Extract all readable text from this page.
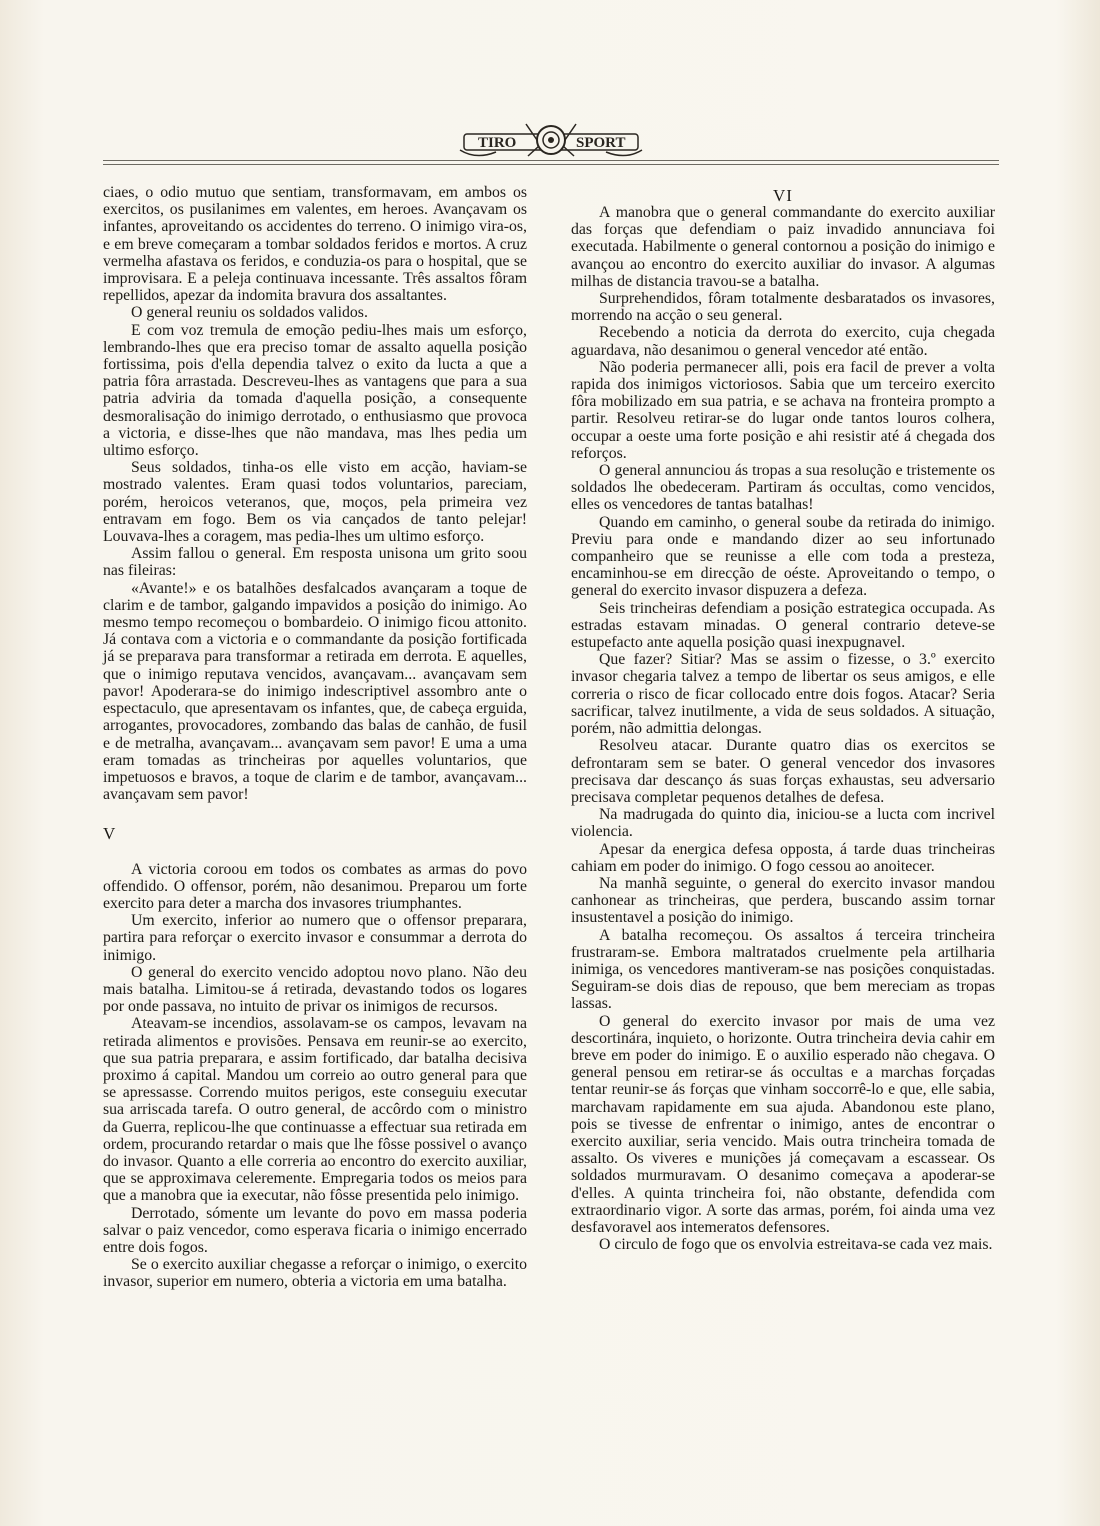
TIRO	SPORT

ciaes, o odio mutuo que sentiam, transformavam, em ambos os exercitos, os pusilanimes em valentes, em heroes. Avançavam os infantes, aproveitando os accidentes do terreno. O inimigo vira-os, e em breve começaram a tombar soldados feridos e mortos. A cruz vermelha afastava os feridos, e conduzia-os para o hospital, que se improvisara. E a peleja continuava incessante. Três assaltos fôram repellidos, apezar da indomita bravura dos assaltantes.

O general reuniu os soldados validos.

E com voz tremula de emoção pediu-lhes mais um esforço, lembrando-lhes que era preciso tomar de assalto aquella posição fortissima, pois d'ella dependia talvez o exito da lucta a que a patria fôra arrastada. Descreveu-lhes as vantagens que para a sua patria adviria da tomada d'aquella posição, a consequente desmoralisação do inimigo derrotado, o enthusiasmo que provoca a victoria, e disse-lhes que não mandava, mas lhes pedia um ultimo esforço.

Seus soldados, tinha-os elle visto em acção, haviam-se mostrado valentes. Eram quasi todos voluntarios, pareciam, porém, heroicos veteranos, que, moços, pela primeira vez entravam em fogo. Bem os via cançados de tanto pelejar! Louvava-lhes a coragem, mas pedia-lhes um ultimo esforço.

Assim fallou o general. Em resposta unisona um grito soou nas fileiras:

«Avante!» e os batalhões desfalcados avançaram a toque de clarim e de tambor, galgando impavidos a posição do inimigo. Ao mesmo tempo recomeçou o bombardeio. O inimigo ficou attonito. Já contava com a victoria e o commandante da posição fortificada já se preparava para transformar a retirada em derrota. E aquelles, que o inimigo reputava vencidos, avançavam... avançavam sem pavor! Apoderara-se do inimigo indescriptivel assombro ante o espectaculo, que apresentavam os infantes, que, de cabeça erguida, arrogantes, provocadores, zombando das balas de canhão, de fusil e de metralha, avançavam... avançavam sem pavor! E uma a uma eram tomadas as trincheiras por aquelles voluntarios, que impetuosos e bravos, a toque de clarim e de tambor, avançavam... avançavam sem pavor!

V

A victoria coroou em todos os combates as armas do povo offendido. O offensor, porém, não desanimou. Preparou um forte exercito para deter a marcha dos invasores triumphantes.

Um exercito, inferior ao numero que o offensor preparara, partira para reforçar o exercito invasor e consummar a derrota do inimigo.

O general do exercito vencido adoptou novo plano. Não deu mais batalha. Limitou-se á retirada, devastando todos os logares por onde passava, no intuito de privar os inimigos de recursos.

Ateavam-se incendios, assolavam-se os campos, levavam na retirada alimentos e provisões. Pensava em reunir-se ao exercito, que sua patria preparara, e assim fortificado, dar batalha decisiva proximo á capital. Mandou um correio ao outro general para que se apressasse. Correndo muitos perigos, este conseguiu executar sua arriscada tarefa. O outro general, de accôrdo com o ministro da Guerra, replicou-lhe que continuasse a effectuar sua retirada em ordem, procurando retardar o mais que lhe fôsse possivel o avanço do invasor. Quanto a elle correria ao encontro do exercito auxiliar, que se approximava celeremente. Empregaria todos os meios para que a manobra que ia executar, não fôsse presentida pelo inimigo.

Derrotado, sómente um levante do povo em massa poderia salvar o paiz vencedor, como esperava ficaria o inimigo encerrado entre dois fogos.

Se o exercito auxiliar chegasse a reforçar o inimigo, o exercito invasor, superior em numero, obteria a victoria em uma batalha.

VI

A manobra que o general commandante do exercito auxiliar das forças que defendiam o paiz invadido annunciava foi executada. Habilmente o general contornou a posição do inimigo e avançou ao encontro do exercito auxiliar do invasor. A algumas milhas de distancia travou-se a batalha.

Surprehendidos, fôram totalmente desbaratados os invasores, morrendo na acção o seu general.

Recebendo a noticia da derrota do exercito, cuja chegada aguardava, não desanimou o general vencedor até então.

Não poderia permanecer alli, pois era facil de prever a volta rapida dos inimigos victoriosos. Sabia que um terceiro exercito fôra mobilizado em sua patria, e se achava na fronteira prompto a partir. Resolveu retirar-se do lugar onde tantos louros colhera, occupar a oeste uma forte posição e ahi resistir até á chegada dos reforços.

O general annunciou ás tropas a sua resolução e tristemente os soldados lhe obedeceram. Partiram ás occultas, como vencidos, elles os vencedores de tantas batalhas!

Quando em caminho, o general soube da retirada do inimigo. Previu para onde e mandando dizer ao seu infortunado companheiro que se reunisse a elle com toda a presteza, encaminhou-se em direcção de oéste. Aproveitando o tempo, o general do exercito invasor dispuzera a defeza.

Seis trincheiras defendiam a posição estrategica occupada. As estradas estavam minadas. O general contrario deteve-se estupefacto ante aquella posição quasi inexpugnavel.

Que fazer? Sitiar? Mas se assim o fizesse, o 3.º exercito invasor chegaria talvez a tempo de libertar os seus amigos, e elle correria o risco de ficar collocado entre dois fogos. Atacar? Seria sacrificar, talvez inutilmente, a vida de seus soldados. A situação, porém, não admittia delongas.

Resolveu atacar. Durante quatro dias os exercitos se defrontaram sem se bater. O general vencedor dos invasores precisava dar descanço ás suas forças exhaustas, seu adversario precisava completar pequenos detalhes de defesa.

Na madrugada do quinto dia, iniciou-se a lucta com incrivel violencia.

Apesar da energica defesa opposta, á tarde duas trincheiras cahiam em poder do inimigo. O fogo cessou ao anoitecer.

Na manhã seguinte, o general do exercito invasor mandou canhonear as trincheiras, que perdera, buscando assim tornar insustentavel a posição do inimigo.

A batalha recomeçou. Os assaltos á terceira trincheira frustraram-se. Embora maltratados cruelmente pela artilharia inimiga, os vencedores mantiveram-se nas posições conquistadas. Seguiram-se dois dias de repouso, que bem mereciam as tropas lassas.

O general do exercito invasor por mais de uma vez descortinára, inquieto, o horizonte. Outra trincheira devia cahir em breve em poder do inimigo. E o auxilio esperado não chegava. O general pensou em retirar-se ás occultas e a marchas forçadas tentar reunir-se ás forças que vinham soccorrê-lo e que, elle sabia, marchavam rapidamente em sua ajuda. Abandonou este plano, pois se tivesse de enfrentar o inimigo, antes de encontrar o exercito auxiliar, seria vencido. Mais outra trincheira tomada de assalto. Os viveres e munições já começavam a escassear. Os soldados murmuravam. O desanimo começava a apoderar-se d'elles. A quinta trincheira foi, não obstante, defendida com extraordinario vigor. A sorte das armas, porém, foi ainda uma vez desfavoravel aos intemeratos defensores.

O circulo de fogo que os envolvia estreitava-se cada vez mais.
